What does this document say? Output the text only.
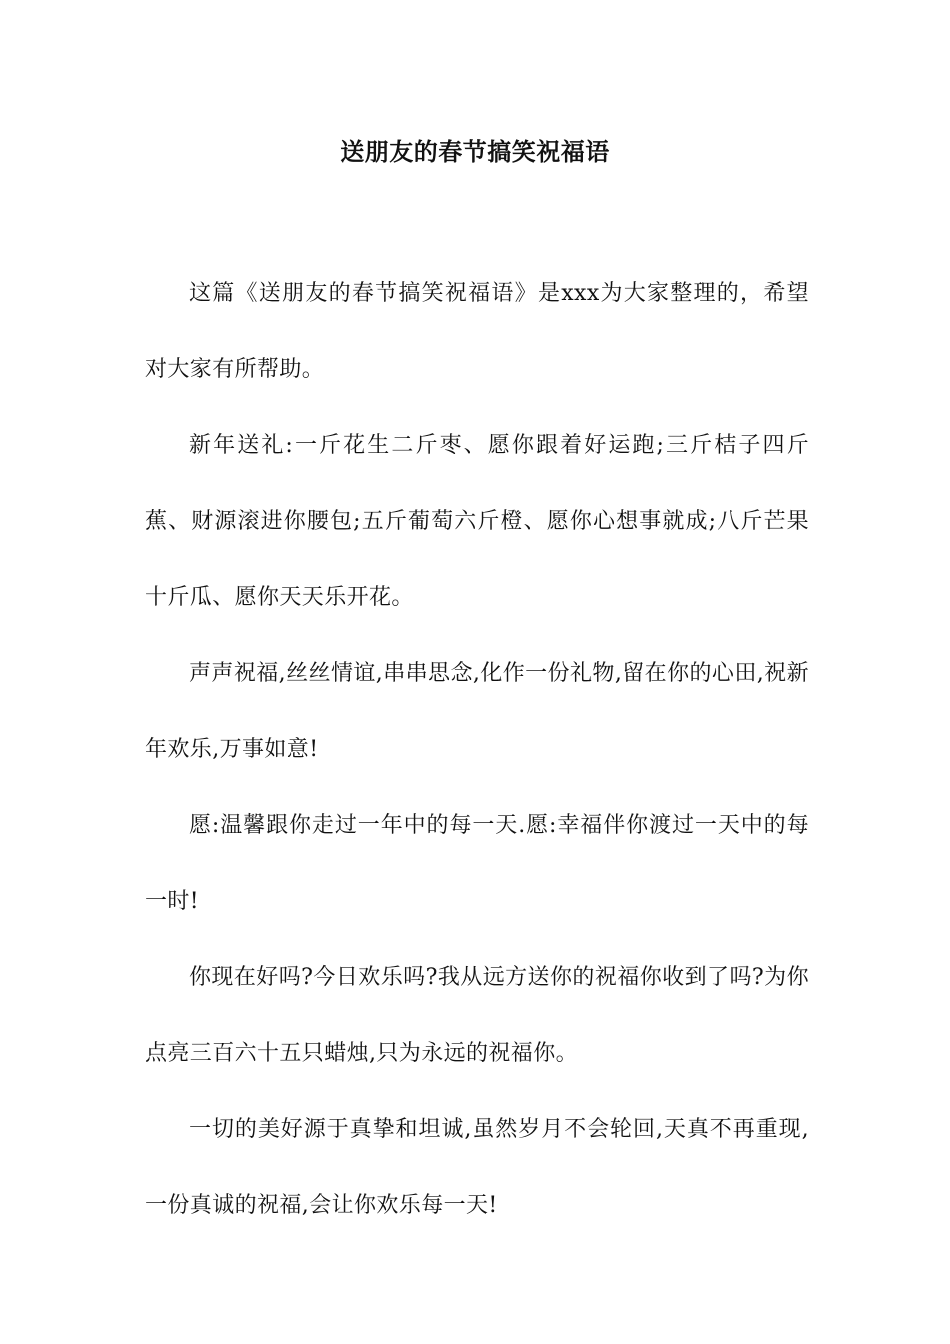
送朋友的春节搞笑祝福语

这篇《送朋友的春节搞笑祝福语》是xxx为大家整理的，希望对大家有所帮助。

新年送礼:一斤花生二斤枣、愿你跟着好运跑;三斤桔子四斤蕉、财源滚进你腰包;五斤葡萄六斤橙、愿你心想事就成;八斤芒果十斤瓜、愿你天天乐开花。

声声祝福,丝丝情谊,串串思念,化作一份礼物,留在你的心田,祝新年欢乐,万事如意!

愿:温馨跟你走过一年中的每一天.愿:幸福伴你渡过一天中的每一时!

你现在好吗?今日欢乐吗?我从远方送你的祝福你收到了吗?为你点亮三百六十五只蜡烛,只为永远的祝福你。

一切的美好源于真挚和坦诚,虽然岁月不会轮回,天真不再重现,一份真诚的祝福,会让你欢乐每一天!
